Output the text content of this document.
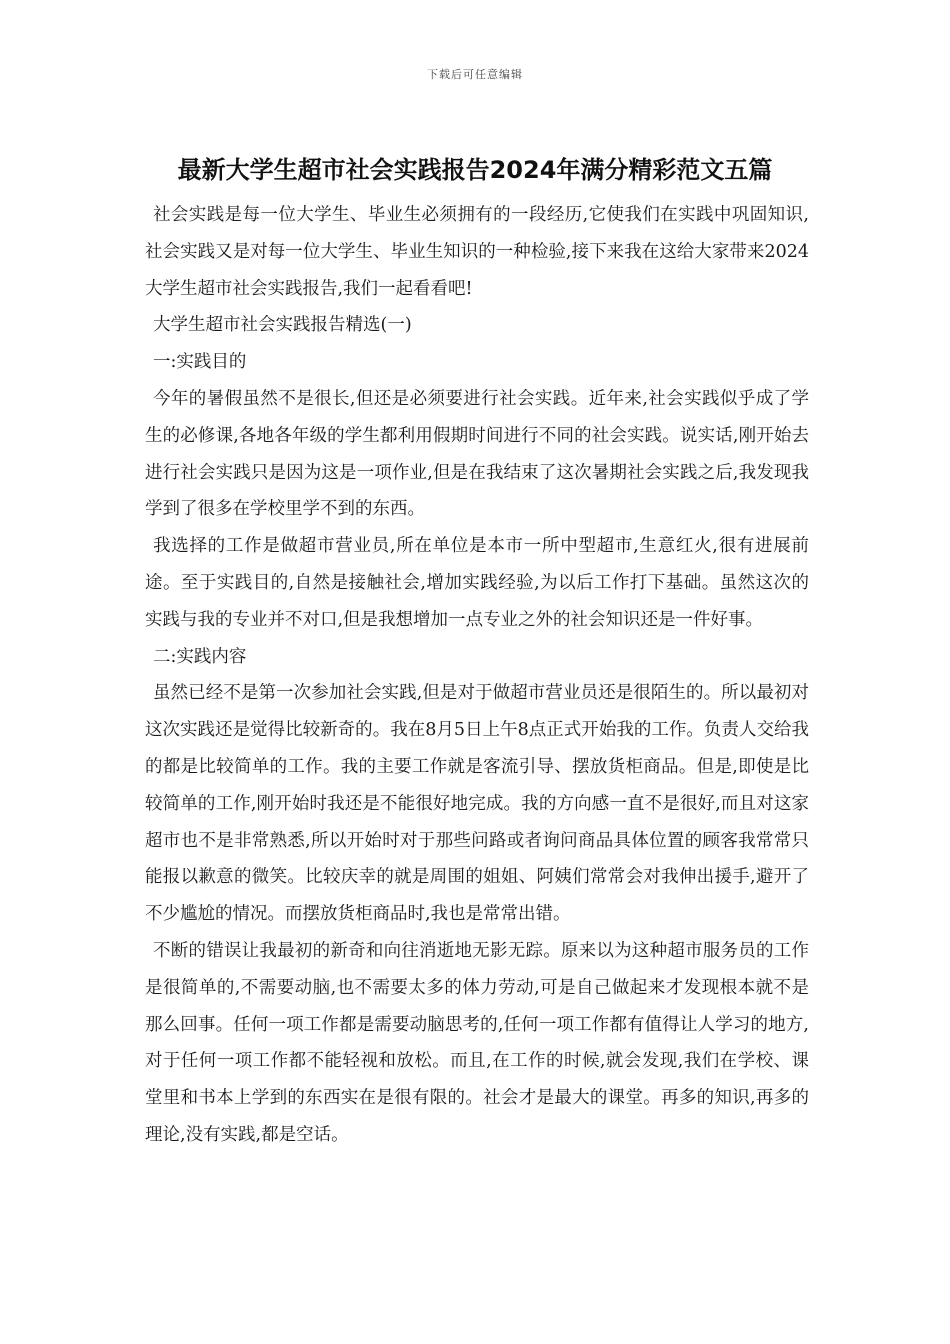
下载后可任意编辑
最新大学生超市社会实践报告2024年满分精彩范文五篇

社会实践是每一位大学生、毕业生必须拥有的一段经历,它使我们在实践中巩固知识,社会实践又是对每一位大学生、毕业生知识的一种检验,接下来我在这给大家带来2024大学生超市社会实践报告,我们一起看看吧!

大学生超市社会实践报告精选(一)

一:实践目的

今年的暑假虽然不是很长,但还是必须要进行社会实践。近年来,社会实践似乎成了学生的必修课,各地各年级的学生都利用假期时间进行不同的社会实践。说实话,刚开始去进行社会实践只是因为这是一项作业,但是在我结束了这次暑期社会实践之后,我发现我学到了很多在学校里学不到的东西。

我选择的工作是做超市营业员,所在单位是本市一所中型超市,生意红火,很有进展前途。至于实践目的,自然是接触社会,增加实践经验,为以后工作打下基础。虽然这次的实践与我的专业并不对口,但是我想增加一点专业之外的社会知识还是一件好事。

二:实践内容

虽然已经不是第一次参加社会实践,但是对于做超市营业员还是很陌生的。所以最初对这次实践还是觉得比较新奇的。我在8月5日上午8点正式开始我的工作。负责人交给我的都是比较简单的工作。我的主要工作就是客流引导、摆放货柜商品。但是,即使是比较简单的工作,刚开始时我还是不能很好地完成。我的方向感一直不是很好,而且对这家超市也不是非常熟悉,所以开始时对于那些问路或者询问商品具体位置的顾客我常常只能报以歉意的微笑。比较庆幸的就是周围的姐姐、阿姨们常常会对我伸出援手,避开了不少尴尬的情况。而摆放货柜商品时,我也是常常出错。

不断的错误让我最初的新奇和向往消逝地无影无踪。原来以为这种超市服务员的工作是很简单的,不需要动脑,也不需要太多的体力劳动,可是自己做起来才发现根本就不是那么回事。任何一项工作都是需要动脑思考的,任何一项工作都有值得让人学习的地方,对于任何一项工作都不能轻视和放松。而且,在工作的时候,就会发现,我们在学校、课堂里和书本上学到的东西实在是很有限的。社会才是最大的课堂。再多的知识,再多的理论,没有实践,都是空话。
